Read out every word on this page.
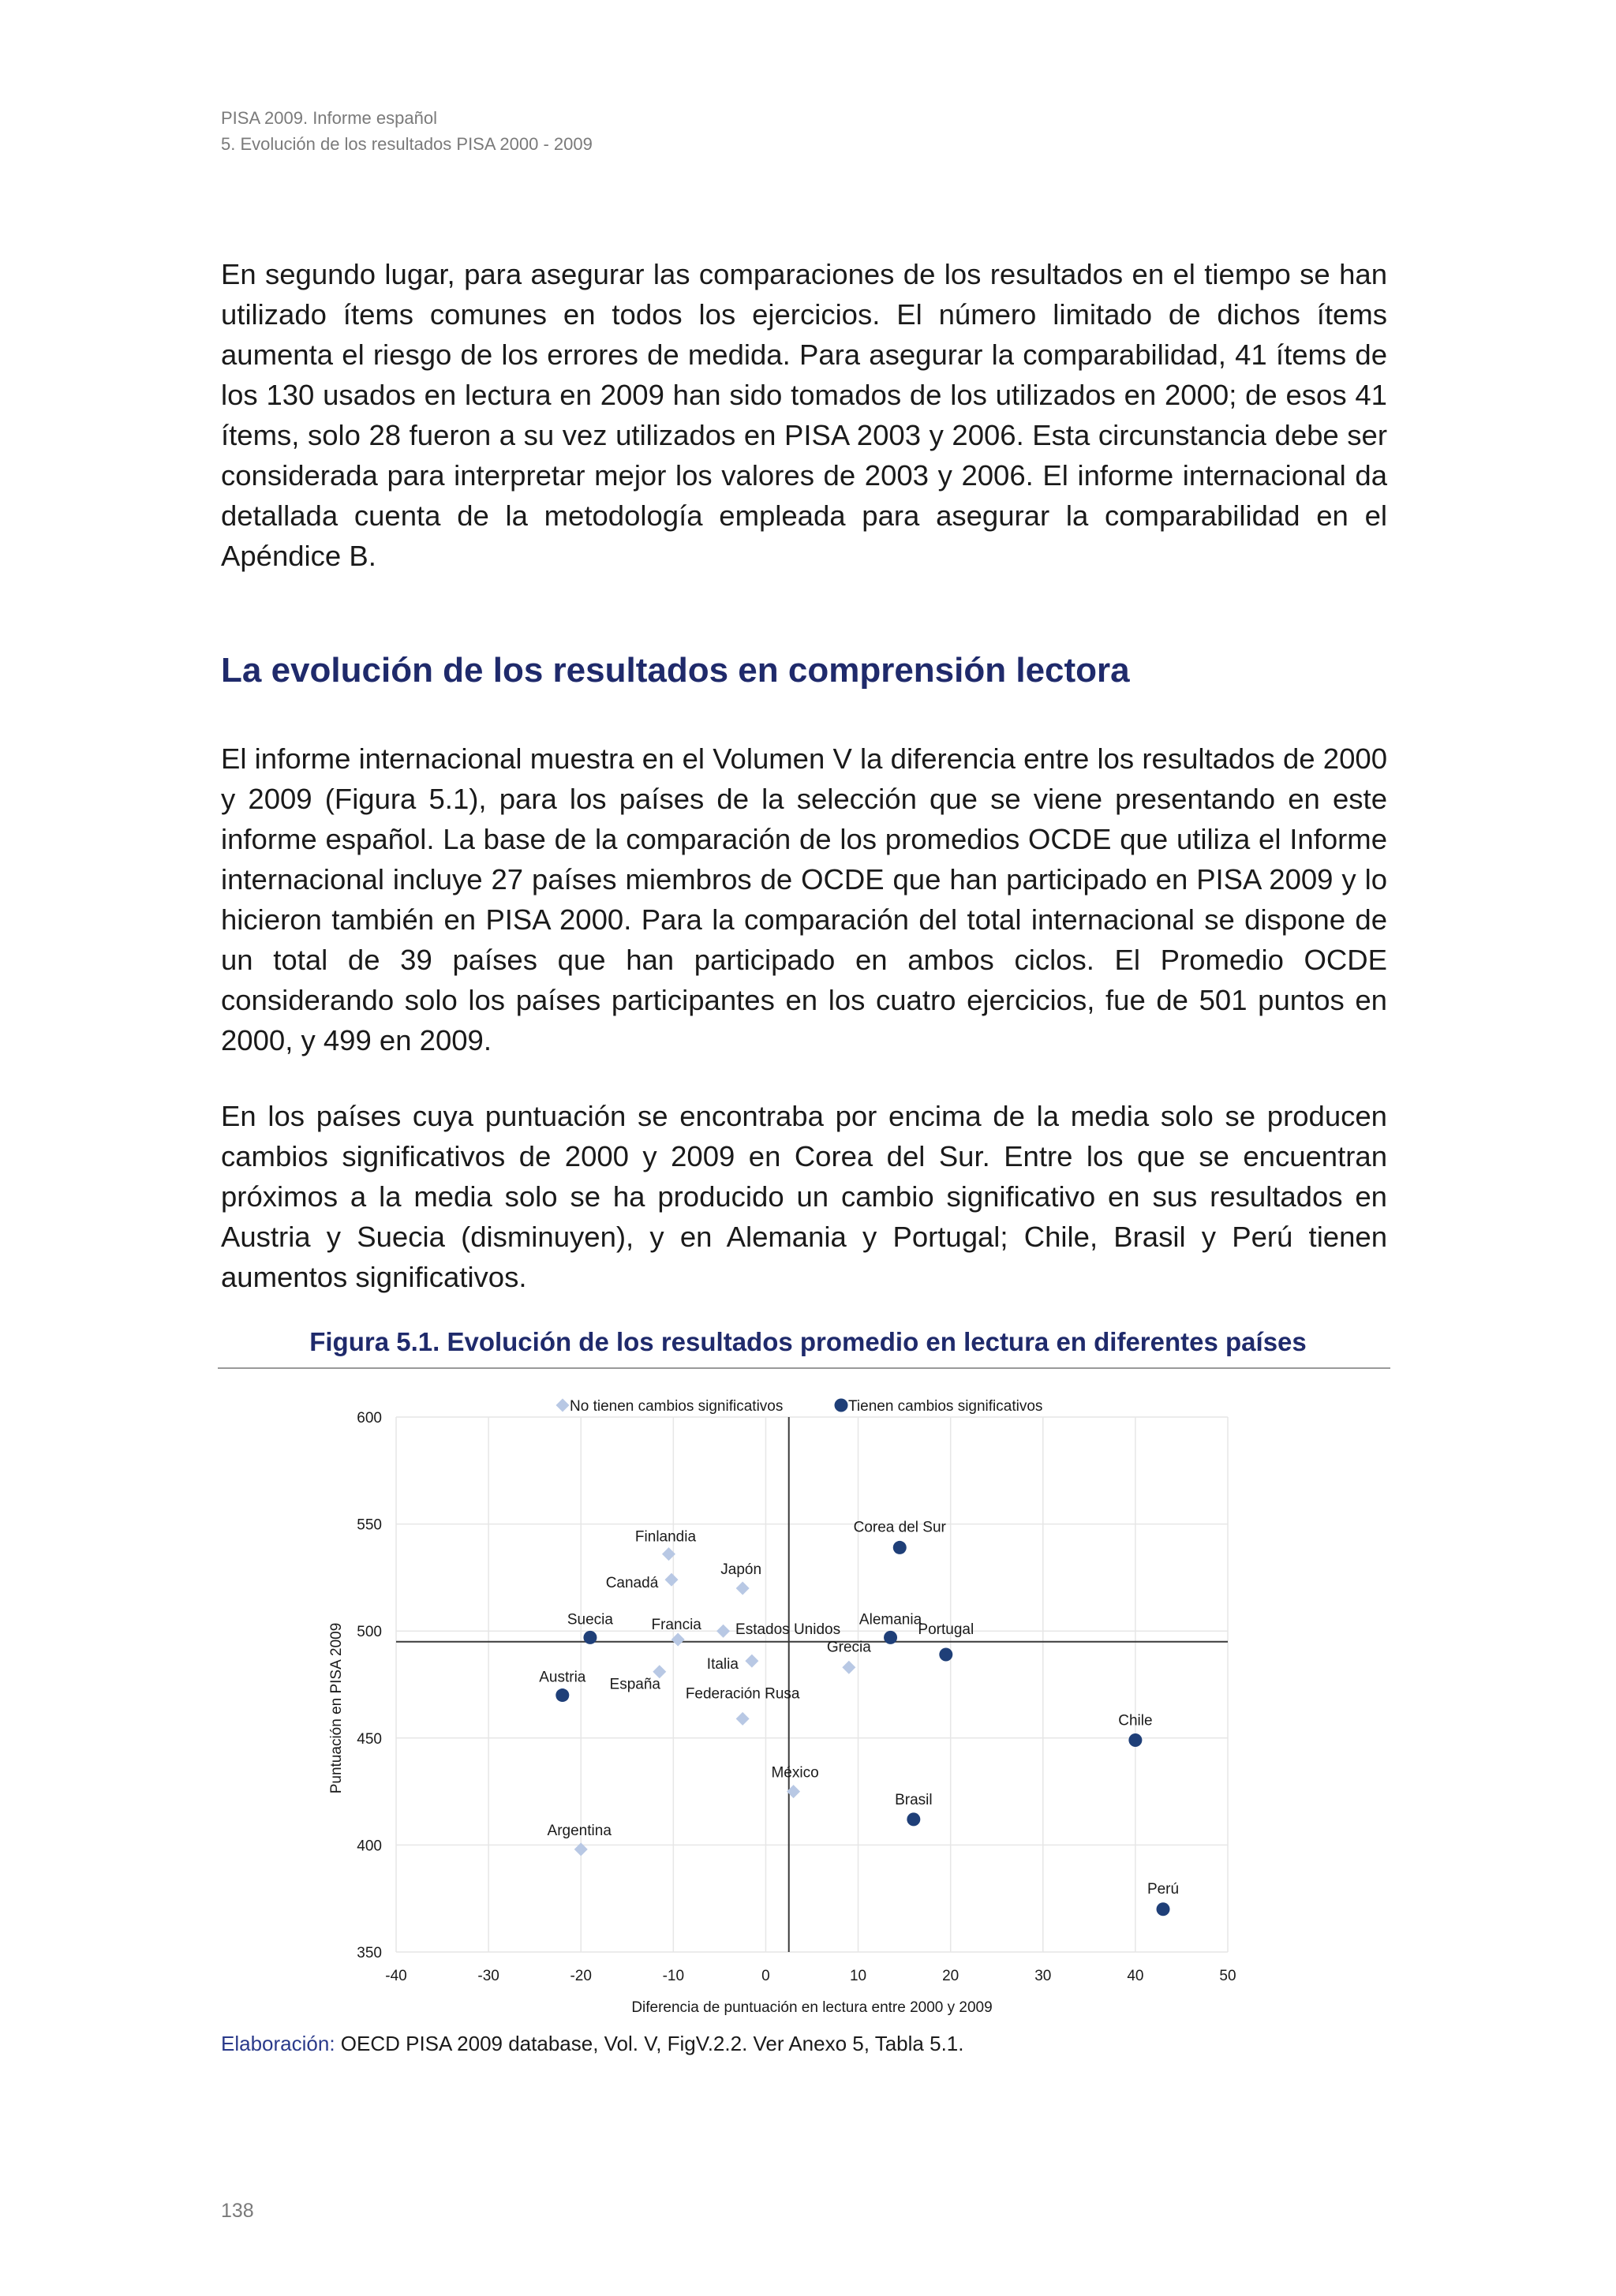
PISA 2009. Informe español
5. Evolución de los resultados PISA 2000 - 2009
En segundo lugar, para asegurar las comparaciones de los resultados en el tiempo se han utilizado ítems comunes en todos los ejercicios. El número limitado de dichos ítems aumenta el riesgo de los errores de medida. Para asegurar la comparabilidad, 41 ítems de los 130 usados en lectura en 2009 han sido tomados de los utilizados en 2000; de esos 41 ítems, solo 28 fueron a su vez utilizados en PISA 2003 y 2006. Esta circunstancia debe ser considerada para interpretar mejor los valores de 2003 y 2006. El informe internacional da detallada cuenta de la metodología empleada para asegurar la comparabilidad en el Apéndice B.
La evolución de los resultados en comprensión lectora
El informe internacional muestra en el Volumen V la diferencia entre los resultados de 2000 y 2009 (Figura 5.1), para los países de la selección que se viene presentando en este informe español. La base de la comparación de los promedios OCDE que utiliza el Informe internacional incluye 27 países miembros de OCDE que han participado en PISA 2009 y lo hicieron también en PISA 2000. Para la comparación del total internacional se dispone de un total de 39 países que han participado en ambos ciclos. El Promedio OCDE considerando solo los países participantes en los cuatro ejercicios, fue de 501 puntos en 2000, y 499 en 2009.
En los países cuya puntuación se encontraba por encima de la media solo se producen cambios significativos de 2000 y 2009 en Corea del Sur. Entre los que se encuentran próximos a la media solo se ha producido un cambio significativo en sus resultados en Austria y Suecia (disminuyen), y en Alemania y Portugal; Chile, Brasil y Perú tienen aumentos significativos.
Figura 5.1. Evolución de los resultados promedio en lectura en diferentes países
-40	-30	-20	-10	0	10	20	30	40	50
350
400
450
500
550
600
Diferencia de puntuación en lectura entre 2000 y 2009
Puntuación en PISA 2009
Finlandia
Canadá
Japón
Francia Estados Unidos
Italia
Grecia
España
Federación Rusa
México
Argentina
Corea del Sur
Suecia	Alemania
Portugal
Austria
Chile
Brasil
Perú
No tienen cambios significativos	Tienen cambios significativos
Elaboración: OECD PISA 2009 database, Vol. V, FigV.2.2. Ver Anexo 5, Tabla 5.1.
138
